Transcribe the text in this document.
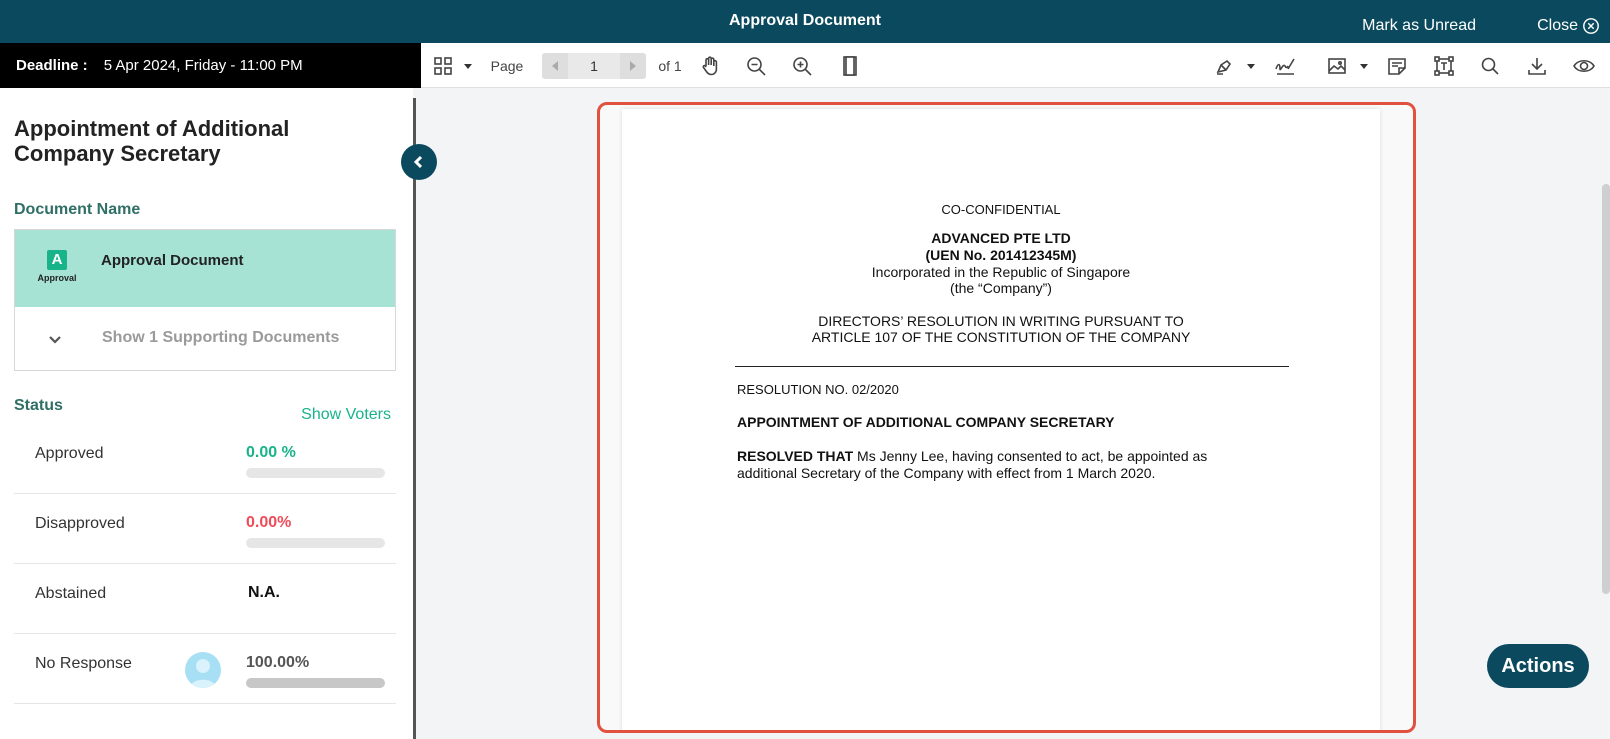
Approval Document	Mark as Unread	Close
Deadline : 5 Apr 2024, Friday - 11:00 PM	Page	1	of 1
Appointment of Additional Company Secretary
Document Name
A
Approval
Approval Document
Show 1 Supporting Documents
Status
Show Voters
Approved	0.00 %
Disapproved	0.00%
Abstained	N.A.
No Response	100.00%
CO-CONFIDENTIAL
ADVANCED PTE LTD
(UEN No. 201412345M)
Incorporated in the Republic of Singapore
(the “Company”)
DIRECTORS’ RESOLUTION IN WRITING PURSUANT TO
ARTICLE 107 OF THE CONSTITUTION OF THE COMPANY
RESOLUTION NO. 02/2020
APPOINTMENT OF ADDITIONAL COMPANY SECRETARY
RESOLVED THAT Ms Jenny Lee, having consented to act, be appointed as
additional Secretary of the Company with effect from 1 March 2020.
Actions
